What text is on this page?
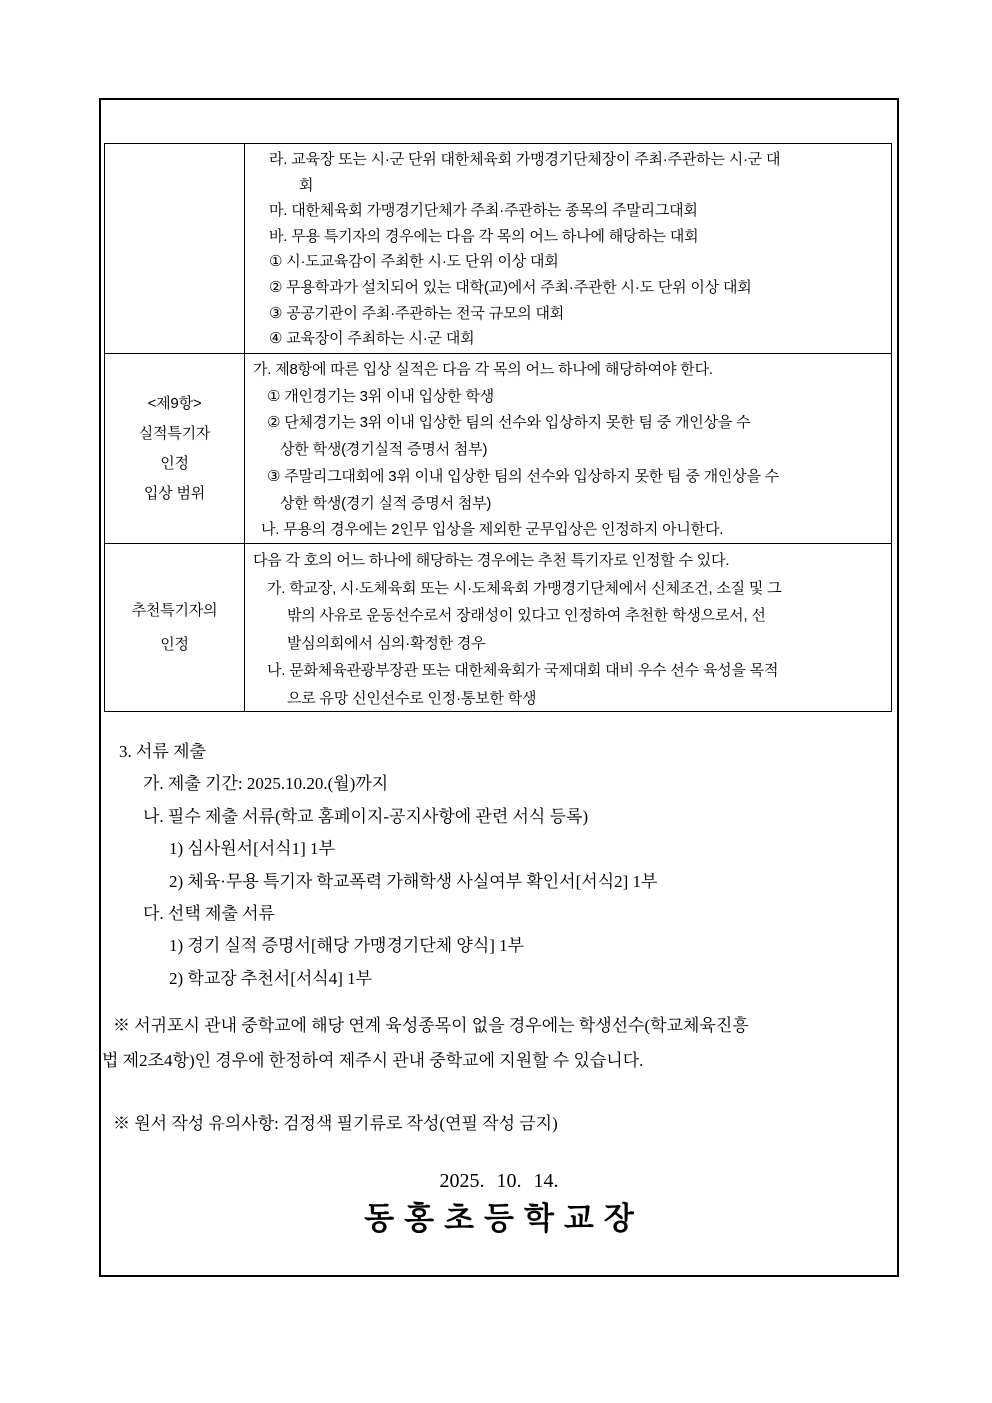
라. 교육장 또는 시·군 단위 대한체육회 가맹경기단체장이 주최·주관하는 시·군 대
회
마. 대한체육회 가맹경기단체가 주최·주관하는 종목의 주말리그대회
바. 무용 특기자의 경우에는 다음 각 목의 어느 하나에 해당하는 대회
① 시·도교육감이 주최한 시·도 단위 이상 대회
② 무용학과가 설치되어 있는 대학(교)에서 주최·주관한 시·도 단위 이상 대회
③ 공공기관이 주최·주관하는 전국 규모의 대회
④ 교육장이 주최하는 시·군 대회
<제9항>
실적특기자
인정
입상 범위
가. 제8항에 따른 입상 실적은 다음 각 목의 어느 하나에 해당하여야 한다.
① 개인경기는 3위 이내 입상한 학생
② 단체경기는 3위 이내 입상한 팀의 선수와 입상하지 못한 팀 중 개인상을 수
상한 학생(경기실적 증명서 첨부)
③ 주말리그대회에 3위 이내 입상한 팀의 선수와 입상하지 못한 팀 중 개인상을 수
상한 학생(경기 실적 증명서 첨부)
나. 무용의 경우에는 2인무 입상을 제외한 군무입상은 인정하지 아니한다.
추천특기자의
인정
다음 각 호의 어느 하나에 해당하는 경우에는 추천 특기자로 인정할 수 있다.
가. 학교장, 시·도체육회 또는 시·도체육회 가맹경기단체에서 신체조건, 소질 및 그
밖의 사유로 운동선수로서 장래성이 있다고 인정하여 추천한 학생으로서, 선
발심의회에서 심의·확정한 경우
나. 문화체육관광부장관 또는 대한체육회가 국제대회 대비 우수 선수 육성을 목적
으로 유망 신인선수로 인정·통보한 학생
3. 서류 제출
가. 제출 기간: 2025.10.20.(월)까지
나. 필수 제출 서류(학교 홈페이지-공지사항에 관련 서식 등록)
1) 심사원서[서식1] 1부
2) 체육·무용 특기자 학교폭력 가해학생 사실여부 확인서[서식2] 1부
다. 선택 제출 서류
1) 경기 실적 증명서[해당 가맹경기단체 양식] 1부
2) 학교장 추천서[서식4] 1부
※ 서귀포시 관내 중학교에 해당 연계 육성종목이 없을 경우에는 학생선수(학교체육진흥
법 제2조4항)인 경우에 한정하여 제주시 관내 중학교에 지원할 수 있습니다.
※ 원서 작성 유의사항: 검정색 필기류로 작성(연필 작성 금지)
2025. 10. 14.
동홍초등학교장
